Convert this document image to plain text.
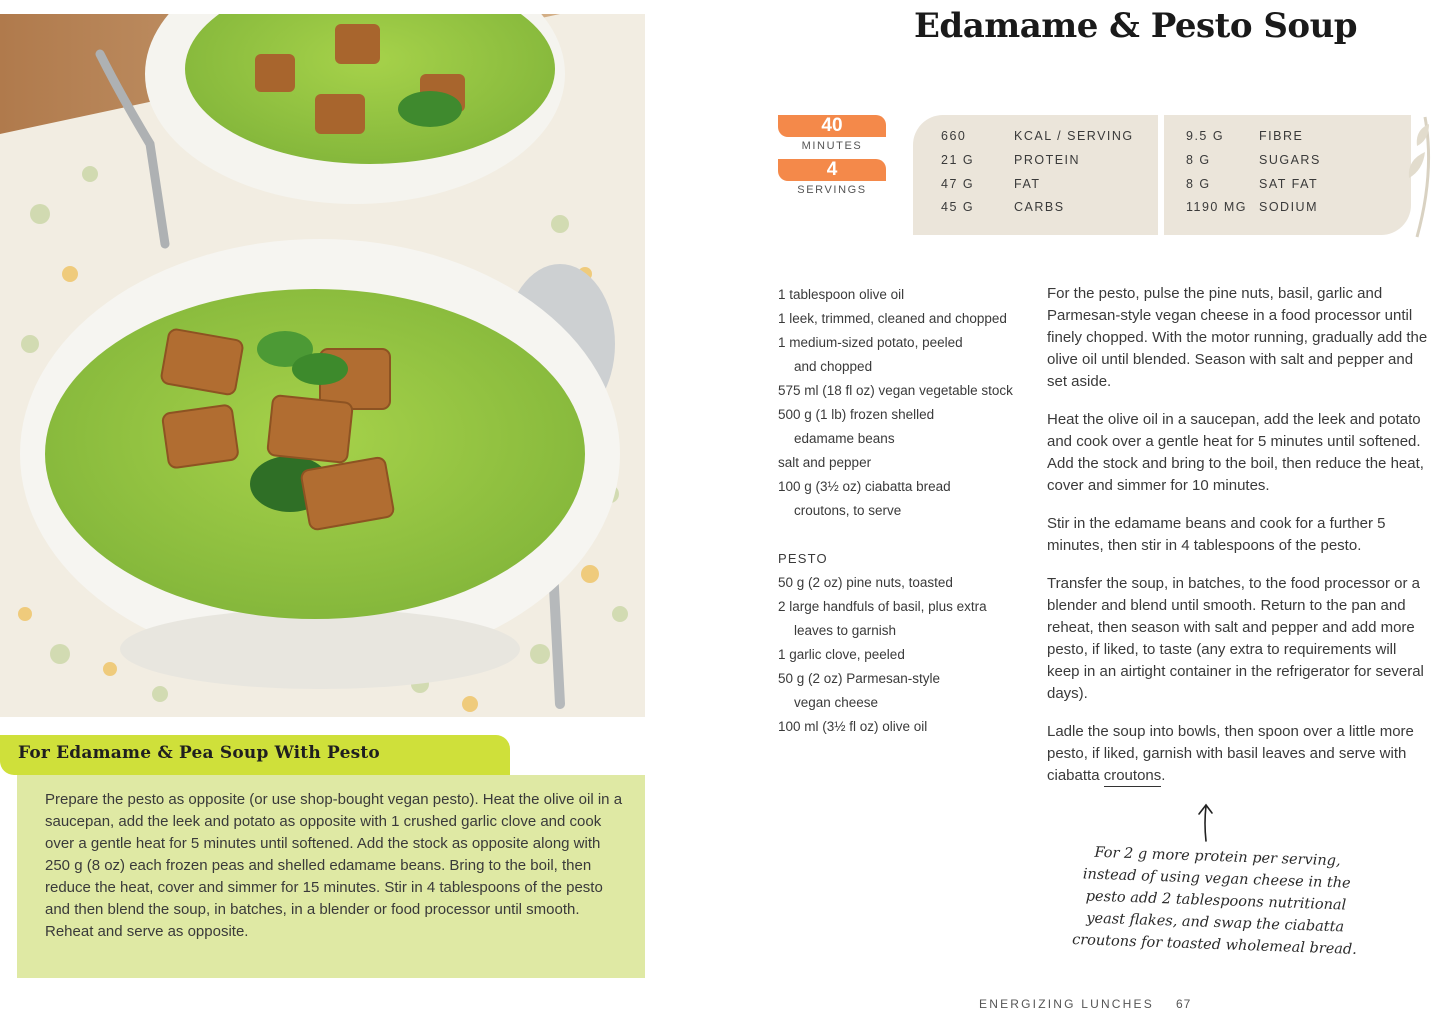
For Edamame & Pea Soup With Pesto
Prepare the pesto as opposite (or use shop-bought vegan pesto). Heat the olive oil in a saucepan, add the leek and potato as opposite with 1 crushed garlic clove and cook over a gentle heat for 5 minutes until softened. Add the stock as opposite along with 250 g (8 oz) each frozen peas and shelled edamame beans. Bring to the boil, then reduce the heat, cover and simmer for 15 minutes. Stir in 4 tablespoons of the pesto and then blend the soup, in batches, in a blender or food processor until smooth. Reheat and serve as opposite.
Edamame & Pesto Soup
40
MINUTES
4
SERVINGS
660	KCAL / SERVING
21 G	PROTEIN
47 G	FAT
45 G	CARBS
9.5 G	FIBRE
8 G	SUGARS
8 G	SAT FAT
1190 MG SODIUM
1 tablespoon olive oil
1 leek, trimmed, cleaned and chopped
1 medium-sized potato, peeled
and chopped
575 ml (18 fl oz) vegan vegetable stock
500 g (1 lb) frozen shelled
edamame beans
salt and pepper
100 g (3½ oz) ciabatta bread
croutons, to serve
PESTO
50 g (2 oz) pine nuts, toasted
2 large handfuls of basil, plus extra
leaves to garnish
1 garlic clove, peeled
50 g (2 oz) Parmesan-style
vegan cheese
100 ml (3½ fl oz) olive oil

For the pesto, pulse the pine nuts, basil, garlic and Parmesan-style vegan cheese in a food processor until finely chopped. With the motor running, gradually add the olive oil until blended. Season with salt and pepper and set aside.

Heat the olive oil in a saucepan, add the leek and potato and cook over a gentle heat for 5 minutes until softened. Add the stock and bring to the boil, then reduce the heat, cover and simmer for 10 minutes.

Stir in the edamame beans and cook for a further 5 minutes, then stir in 4 tablespoons of the pesto.

Transfer the soup, in batches, to the food processor or a blender and blend until smooth. Return to the pan and reheat, then season with salt and pepper and add more pesto, if liked, to taste (any extra to requirements will keep in an airtight container in the refrigerator for several days).

Ladle the soup into bowls, then spoon over a little more pesto, if liked, garnish with basil leaves and serve with ciabatta croutons.

For 2 g more protein per serving, instead of using vegan cheese in the pesto add 2 tablespoons nutritional yeast flakes, and swap the ciabatta croutons for toasted wholemeal bread.
ENERGIZING LUNCHES 67
